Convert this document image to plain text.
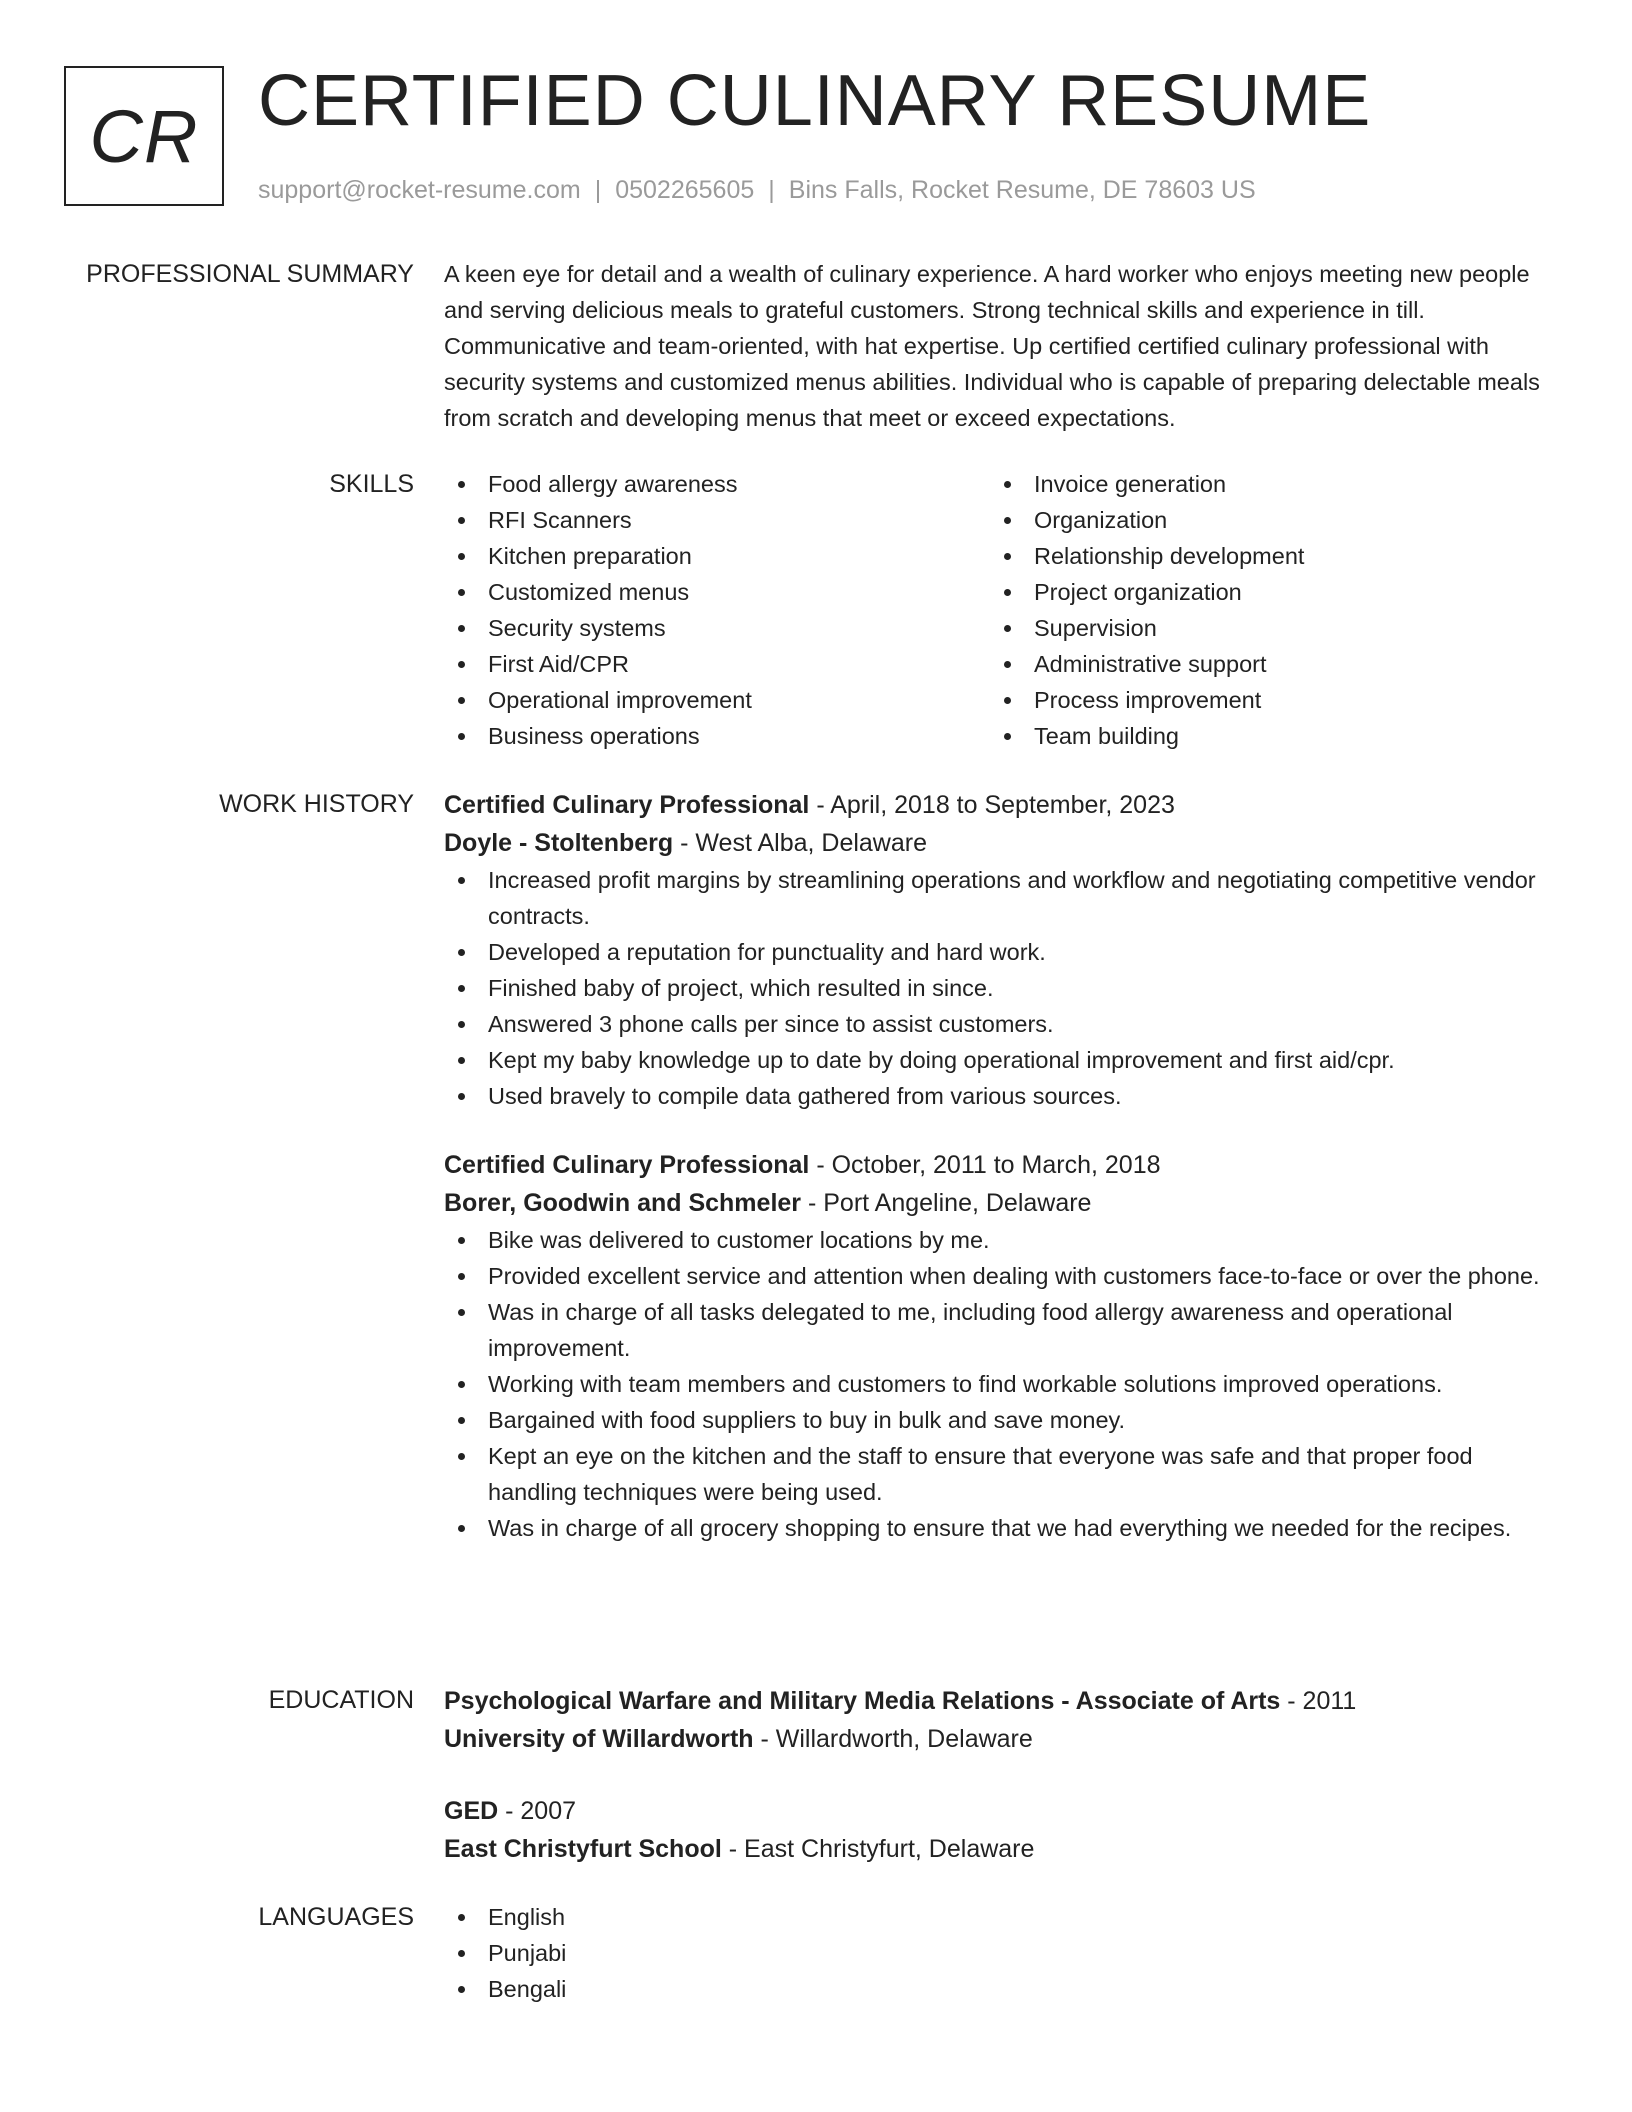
CR CERTIFIED CULINARY RESUME
support@rocket-resume.com | 0502265605 | Bins Falls, Rocket Resume, DE 78603 US
PROFESSIONAL SUMMARY A keen eye for detail and a wealth of culinary experience. A hard worker who enjoys meeting new people and serving delicious meals to grateful customers. Strong technical skills and experience in till. Communicative and team-oriented, with hat expertise. Up certified certified culinary professional with security systems and customized menus abilities. Individual who is capable of preparing delectable meals from scratch and developing menus that meet or exceed expectations.
SKILLS	Food allergy awareness
RFI Scanners
Kitchen preparation
Customized menus
Security systems
First Aid/CPR
Operational improvement
Business operations
Invoice generation
Organization
Relationship development
Project organization
Supervision
Administrative support
Process improvement
Team building
WORK HISTORY Certified Culinary Professional - April, 2018 to September, 2023
Doyle - Stoltenberg - West Alba, Delaware
Increased profit margins by streamlining operations and workflow and negotiating competitive vendor contracts.
Developed a reputation for punctuality and hard work.
Finished baby of project, which resulted in since.
Answered 3 phone calls per since to assist customers.
Kept my baby knowledge up to date by doing operational improvement and first aid/cpr.
Used bravely to compile data gathered from various sources.
Certified Culinary Professional - October, 2011 to March, 2018
Borer, Goodwin and Schmeler - Port Angeline, Delaware
Bike was delivered to customer locations by me.
Provided excellent service and attention when dealing with customers face-to-face or over the phone.
Was in charge of all tasks delegated to me, including food allergy awareness and operational improvement.
Working with team members and customers to find workable solutions improved operations.
Bargained with food suppliers to buy in bulk and save money.
Kept an eye on the kitchen and the staff to ensure that everyone was safe and that proper food handling techniques were being used.
Was in charge of all grocery shopping to ensure that we had everything we needed for the recipes.
EDUCATION Psychological Warfare and Military Media Relations - Associate of Arts - 2011
University of Willardworth - Willardworth, Delaware
GED - 2007
East Christyfurt School - East Christyfurt, Delaware
LANGUAGES	English
Punjabi
Bengali
